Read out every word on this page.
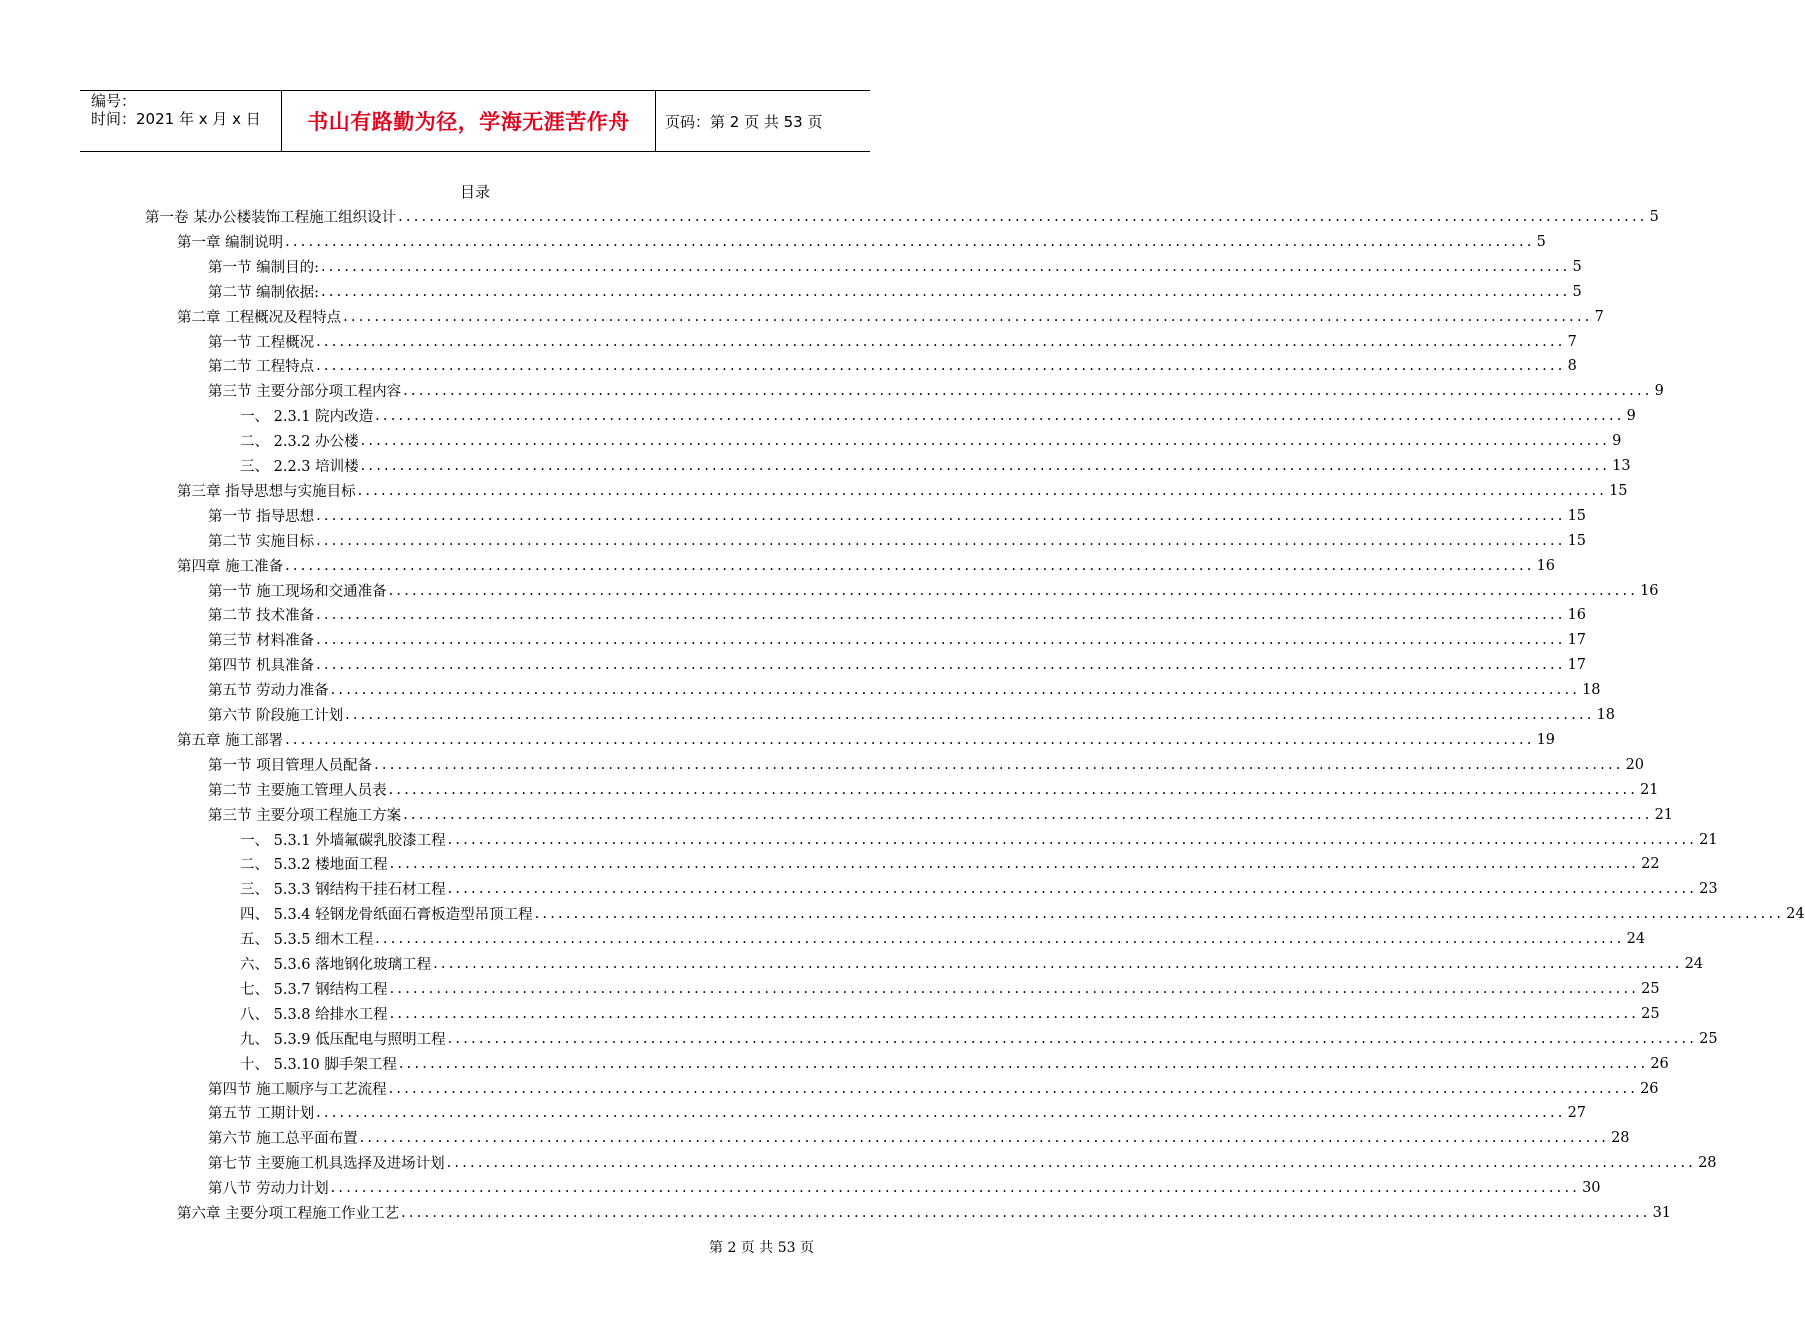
编号：
时间：2021 年 x 月 x 日	书山有路勤为径，学海无涯苦作舟	页码：第 2 页 共 53 页
目录
第一卷 某办公楼装饰工程施工组织设计 ................................................................................................................................................................ 5
第一章 编制说明 ................................................................................................................................................................ 5
第一节 编制目的: ................................................................................................................................................................ 5
第二节 编制依据: ................................................................................................................................................................ 5
第二章 工程概况及程特点 ................................................................................................................................................................ 7
第一节 工程概况 ................................................................................................................................................................ 7
第二节 工程特点 ................................................................................................................................................................ 8
第三节 主要分部分项工程内容 ................................................................................................................................................................ 9
一、 2.3.1 院内改造 ................................................................................................................................................................ 9
二、 2.3.2 办公楼 ................................................................................................................................................................ 9
三、 2.2.3 培训楼 ................................................................................................................................................................ 13
第三章 指导思想与实施目标 ................................................................................................................................................................ 15
第一节 指导思想 ................................................................................................................................................................ 15
第二节 实施目标 ................................................................................................................................................................ 15
第四章 施工准备 ................................................................................................................................................................ 16
第一节 施工现场和交通准备 ................................................................................................................................................................ 16
第二节 技术准备 ................................................................................................................................................................ 16
第三节 材料准备 ................................................................................................................................................................ 17
第四节 机具准备 ................................................................................................................................................................ 17
第五节 劳动力准备 ................................................................................................................................................................ 18
第六节 阶段施工计划 ................................................................................................................................................................ 18
第五章 施工部署 ................................................................................................................................................................ 19
第一节 项目管理人员配备 ................................................................................................................................................................ 20
第二节 主要施工管理人员表 ................................................................................................................................................................ 21
第三节 主要分项工程施工方案 ................................................................................................................................................................ 21
一、 5.3.1 外墙氟碳乳胶漆工程 ................................................................................................................................................................ 21
二、 5.3.2 楼地面工程 ................................................................................................................................................................ 22
三、 5.3.3 钢结构干挂石材工程 ................................................................................................................................................................ 23
四、 5.3.4 轻钢龙骨纸面石膏板造型吊顶工程 ................................................................................................................................................................ 24
五、 5.3.5 细木工程 ................................................................................................................................................................ 24
六、 5.3.6 落地钢化玻璃工程 ................................................................................................................................................................ 24
七、 5.3.7 钢结构工程 ................................................................................................................................................................ 25
八、 5.3.8 给排水工程 ................................................................................................................................................................ 25
九、 5.3.9 低压配电与照明工程 ................................................................................................................................................................ 25
十、 5.3.10 脚手架工程 ................................................................................................................................................................ 26
第四节 施工顺序与工艺流程 ................................................................................................................................................................ 26
第五节 工期计划 ................................................................................................................................................................ 27
第六节 施工总平面布置 ................................................................................................................................................................ 28
第七节 主要施工机具选择及进场计划 ................................................................................................................................................................ 28
第八节 劳动力计划 ................................................................................................................................................................ 30
第六章 主要分项工程施工作业工艺 ................................................................................................................................................................ 31
第 2 页 共 53 页
